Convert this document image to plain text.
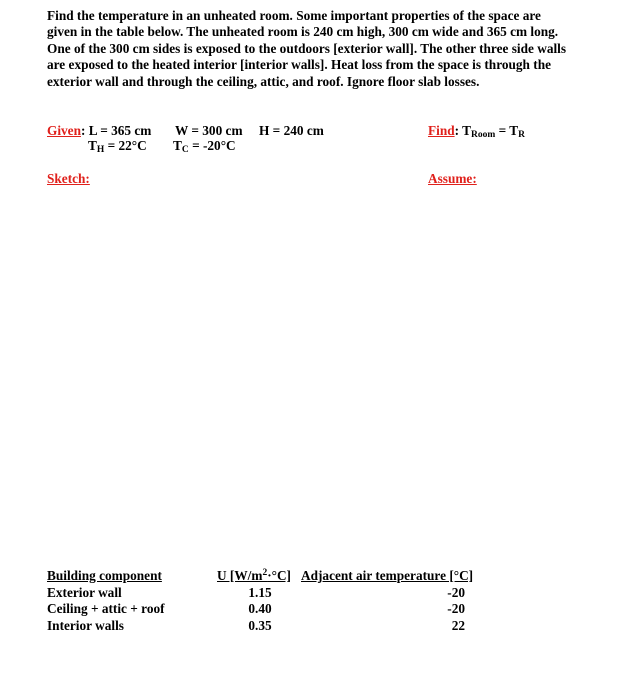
Find the temperature in an unheated room. Some important properties of the space are given in the table below. The unheated room is 240 cm high, 300 cm wide and 365 cm long. One of the 300 cm sides is exposed to the outdoors [exterior wall]. The other three side walls are exposed to the heated interior [interior walls]. Heat loss from the space is through the exterior wall and through the ceiling, attic, and roof. Ignore floor slab losses.

Given: L = 365 cm W = 300 cm H = 240 cm
$T_H = 22^\circ C$ $T_C = -20^\circ C$
Find: $T_{Room} = T_R$
Sketch:	Assume:
Building component	U $[W/m^2\cdot^\circ C]$ Adjacent air temperature [°C]
Exterior wall	1.15	-20
Ceiling + attic + roof	0.40	-20
Interior walls	0.35	22
